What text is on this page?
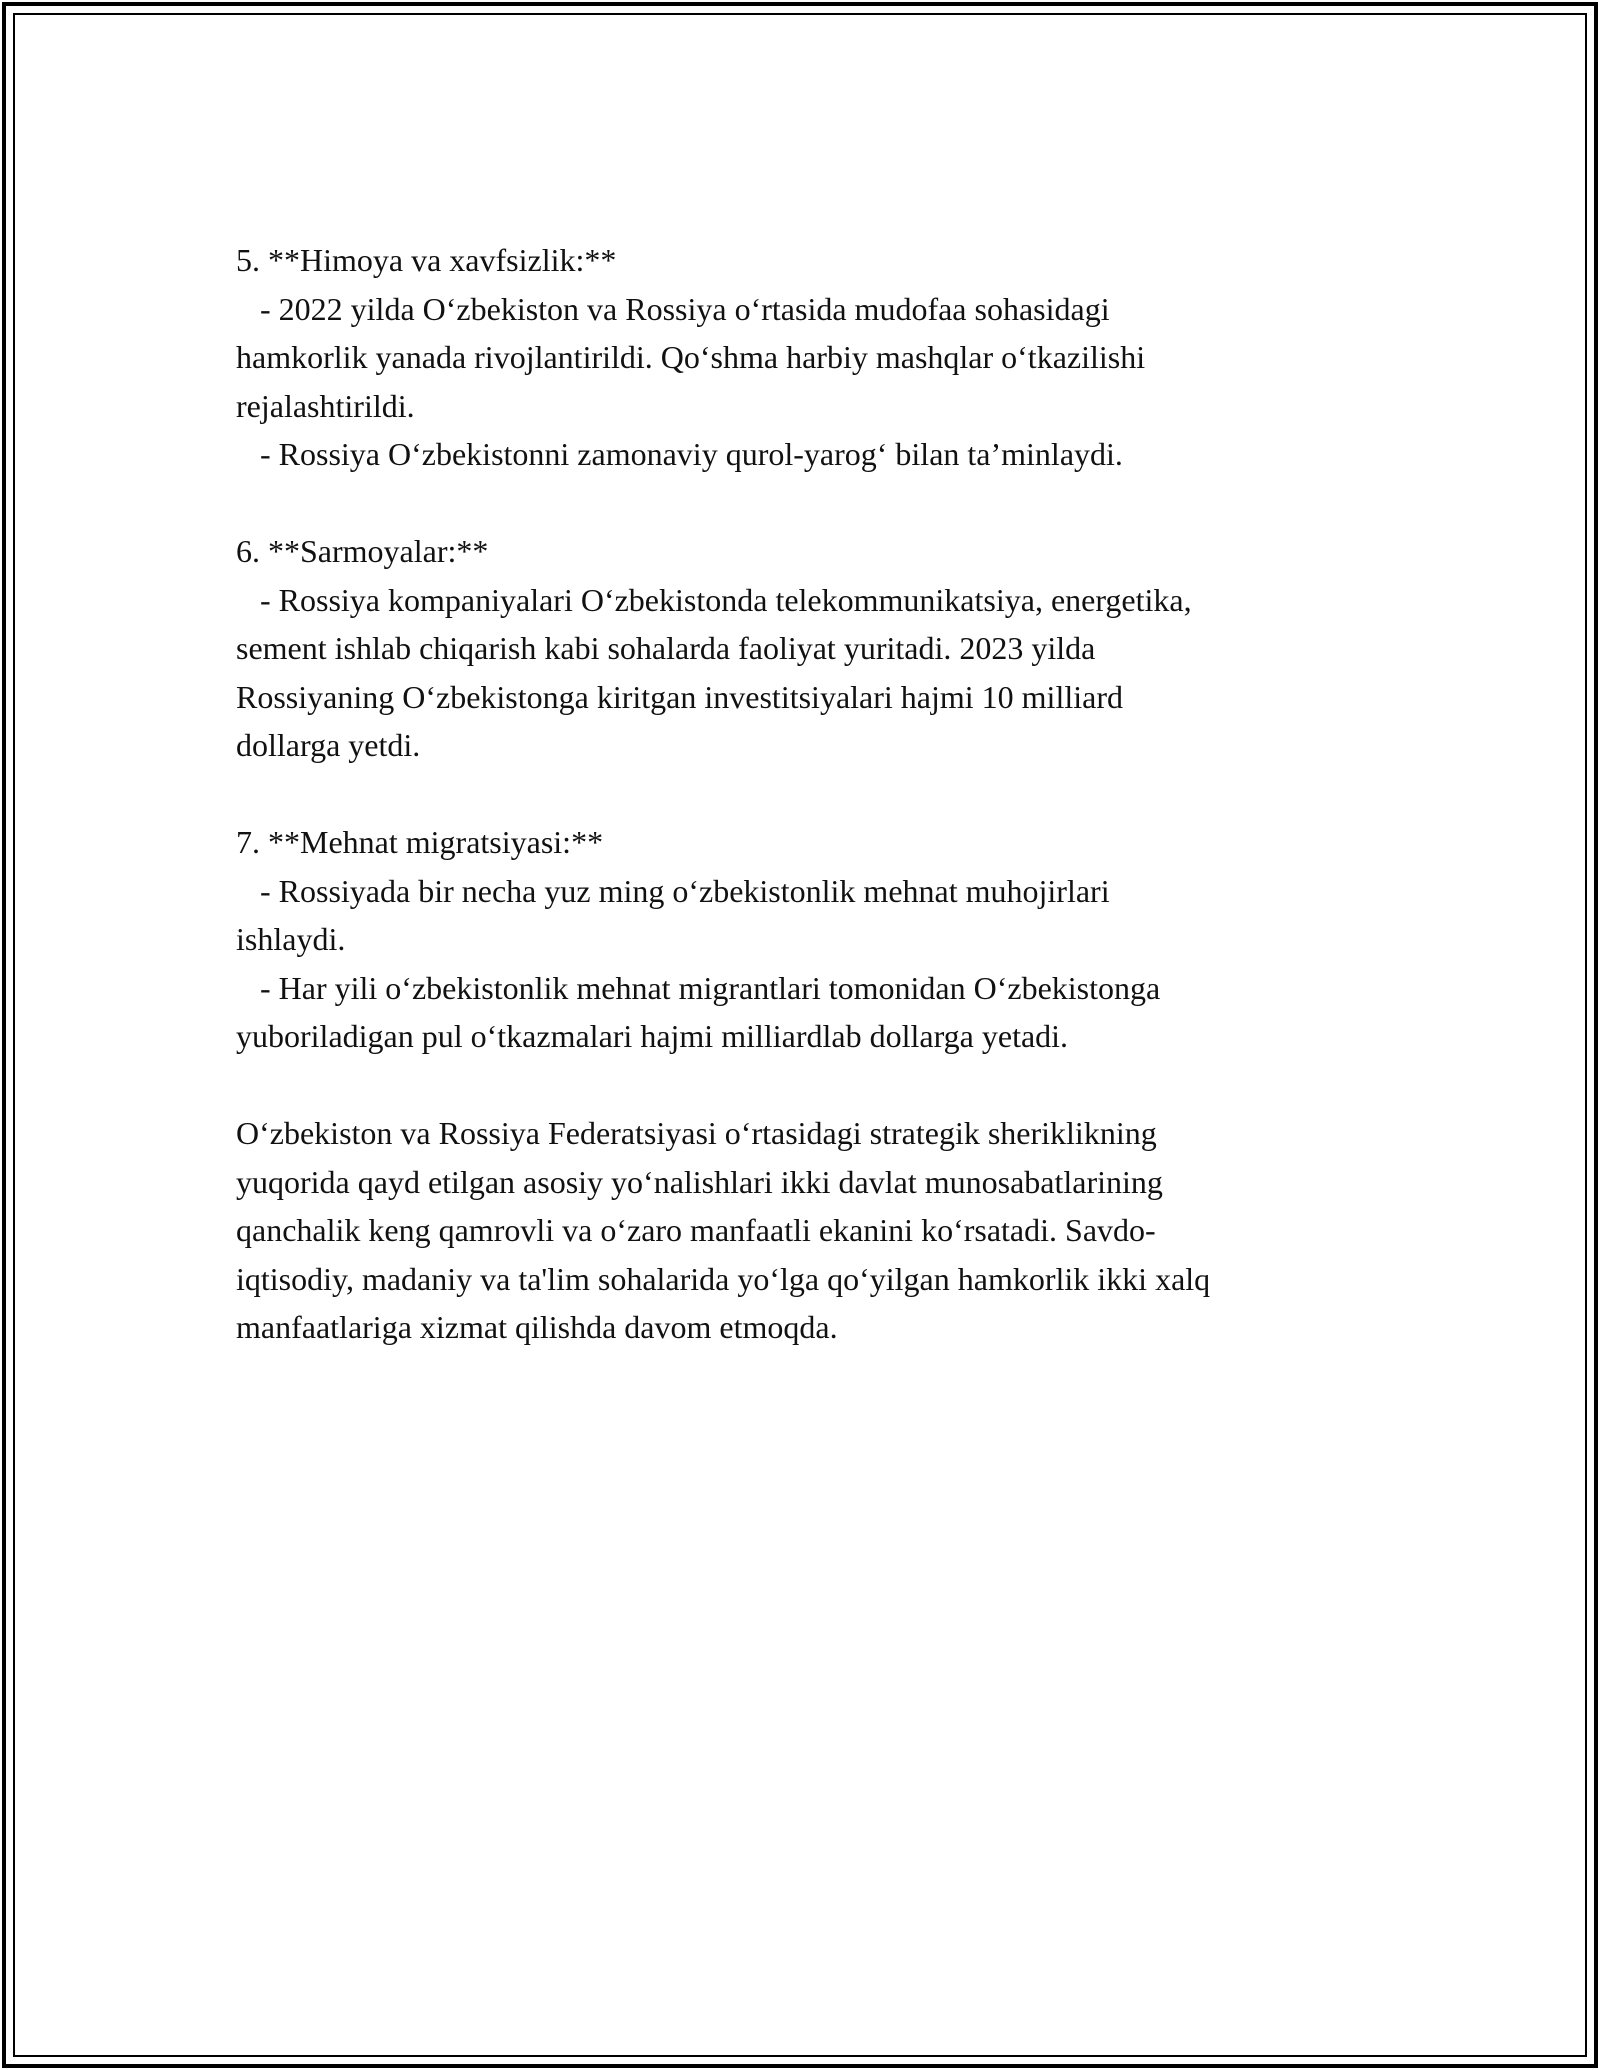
5. **Himoya va xavfsizlik:**
- 2022 yilda O‘zbekiston va Rossiya o‘rtasida mudofaa sohasidagi
hamkorlik yanada rivojlantirildi. Qo‘shma harbiy mashqlar o‘tkazilishi
rejalashtirildi.
- Rossiya O‘zbekistonni zamonaviy qurol-yarog‘ bilan ta’minlaydi.
6. **Sarmoyalar:**
- Rossiya kompaniyalari O‘zbekistonda telekommunikatsiya, energetika,
sement ishlab chiqarish kabi sohalarda faoliyat yuritadi. 2023 yilda
Rossiyaning O‘zbekistonga kiritgan investitsiyalari hajmi 10 milliard
dollarga yetdi.
7. **Mehnat migratsiyasi:**
- Rossiyada bir necha yuz ming o‘zbekistonlik mehnat muhojirlari
ishlaydi.
- Har yili o‘zbekistonlik mehnat migrantlari tomonidan O‘zbekistonga
yuboriladigan pul o‘tkazmalari hajmi milliardlab dollarga yetadi.
O‘zbekiston va Rossiya Federatsiyasi o‘rtasidagi strategik sheriklikning
yuqorida qayd etilgan asosiy yo‘nalishlari ikki davlat munosabatlarining
qanchalik keng qamrovli va o‘zaro manfaatli ekanini ko‘rsatadi. Savdo-
iqtisodiy, madaniy va ta'lim sohalarida yo‘lga qo‘yilgan hamkorlik ikki xalq
manfaatlariga xizmat qilishda davom etmoqda.
